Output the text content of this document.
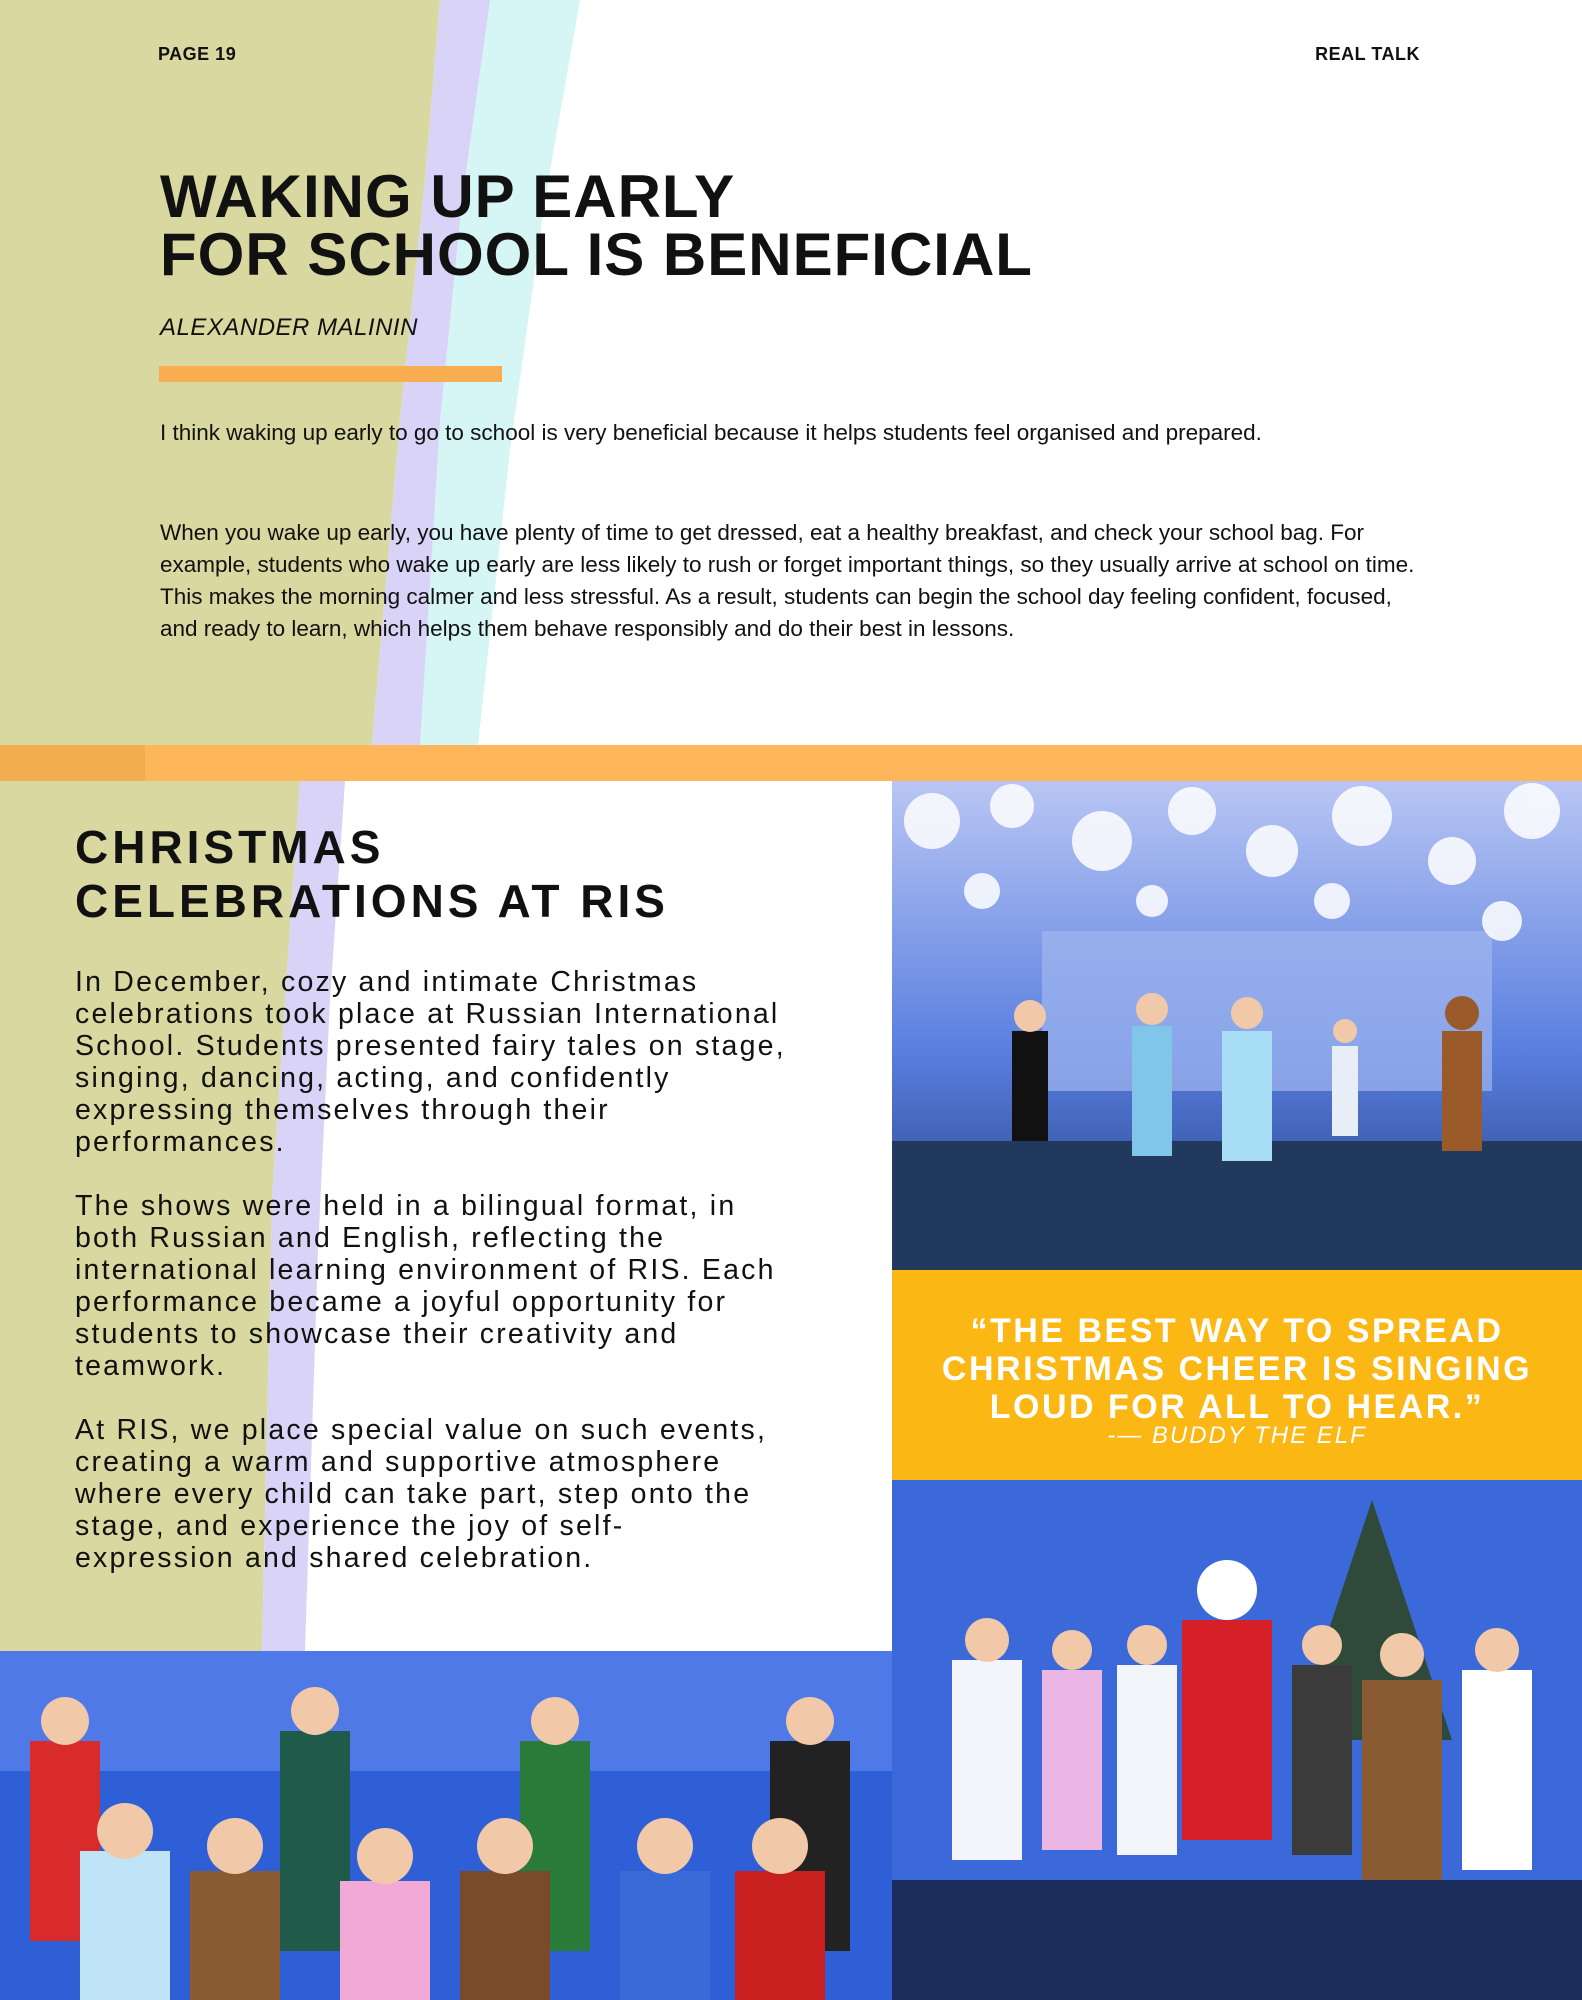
PAGE 19	REAL TALK
WAKING UP EARLY
FOR SCHOOL IS BENEFICIAL
ALEXANDER MALININ

I think waking up early to go to school is very beneficial because it helps students feel organised and prepared.

When you wake up early, you have plenty of time to get dressed, eat a healthy breakfast, and check your school bag. For example, students who wake up early are less likely to rush or forget important things, so they usually arrive at school on time. This makes the morning calmer and less stressful. As a result, students can begin the school day feeling confident, focused, and ready to learn, which helps them behave responsibly and do their best in lessons.

CHRISTMAS
CELEBRATIONS AT RIS

In December, cozy and intimate Christmas celebrations took place at Russian International School. Students presented fairy tales on stage, singing, dancing, acting, and confidently expressing themselves through their performances.

The shows were held in a bilingual format, in both Russian and English, reflecting the international learning environment of RIS. Each performance became a joyful opportunity for students to showcase their creativity and teamwork.

At RIS, we place special value on such events, creating a warm and supportive atmosphere where every child can take part, step onto the stage, and experience the joy of self-expression and shared celebration.

“THE BEST WAY TO SPREAD CHRISTMAS CHEER IS SINGING LOUD FOR ALL TO HEAR.”
-— BUDDY THE ELF
